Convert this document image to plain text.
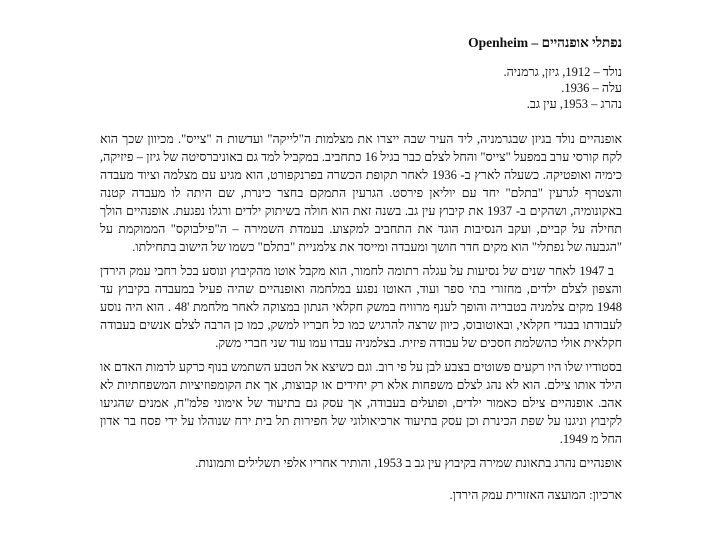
נפתלי אופנהיים – Openheim
נולד – 1912, גיזן, גרמניה.
עלה – 1936.
נהרג – 1953, עין גב.

אופנהיים נולד בגיזן שבגרמניה, ליד העיר שבה ייצרו את מצלמות ה"לייקה" ועדשות ה "צייס". מכיוון שכך הוא לקח קורסי ערב במפעל "צייס" והחל לצלם כבר בגיל 16 כתחביב. במקביל למד גם באוניברסיטה של גיזן – פיזיקה, כימיה ואופטיקה. כשעלה לארץ ב- 1936 לאחר תקופת הכשרה בפרנקפורט, הוא מגיע עם מצלמה וציוד מעבדה והצטרף לגרעין "בתלם" יחד עם יוליאן פירסט. הגרעין התמקם בחצר כינרת, שם היתה לו מעבדה קטנה באקונומיה, ושהקים ב- 1937 את קיבוץ עין גב. בשנה זאת הוא חולה בשיתוק ילדים ורגלו נפגעת. אופנהיים הולך תחילה על קביים, ועקב הנסיבות הוגד את התחביב למקצוע. בעמדת השמירה – ה"פילבוקס" הממוקמת על "הגבעה של נפתלי" הוא מקים חדר חושך ומעבדה ומייסד את צלמניית "בתלם" כשמו של הישוב בתחילתו.

ב 1947 לאחר שנים של נסיעות על עגלה רתומה לחמור, הוא מקבל אוטו מהקיבוץ ונוסע בכל רחבי עמק הירדן והצפון לצלם ילדים, מחזורי בתי ספר ועוד, האוטו נפגע במלחמה ואופנהיים שהיה פעיל במעבדה בקיבוץ עד 1948 מקים צלמניה בטבריה והופך לענף מרוויח במשק חקלאי הנתון במצוקה לאחר מלחמת '48 . הוא היה נוסע לעבודתו בבגדי חקלאי, ובאוטובוס, כיוון שרצה להרגיש כמו כל חבריו למשק, כמו כן הרבה לצלם אנשים בעבודה חקלאית אולי כהשלמת חסכים של עבודה פיזית. בצלמניה עבדו עמו עוד שני חברי משק.

בסטודיו שלו היו רקעים פשוטים בצבע לבן על פי רוב. וגם כשיצא אל הטבע השתמש בנוף כרקע לדמות האדם או הילד אותו צילם. הוא לא נהג לצלם משפחות אלא רק יחידים או קבוצות, אך את הקומפוזיציות המשפחתיות לא אהב. אופנהיים צילם כאמור ילדים, ופועלים בעבודה, אך עסק גם בתיעוד של אימוני פלמ"ח, אמנים שהגיעו לקיבוץ וניגנו על שפת הכינרת וכן עסק בתיעוד ארכיאולוגי של חפירות תל בית ירח שנוהלו על ידי פסח בר אדון החל מ 1949.

אופנהיים נהרג בתאונת שמירה בקיבוץ עין גב ב 1953, והותיר אחריו אלפי תשלילים ותמונות.

ארכיון: המועצה האזורית עמק הירדן.
